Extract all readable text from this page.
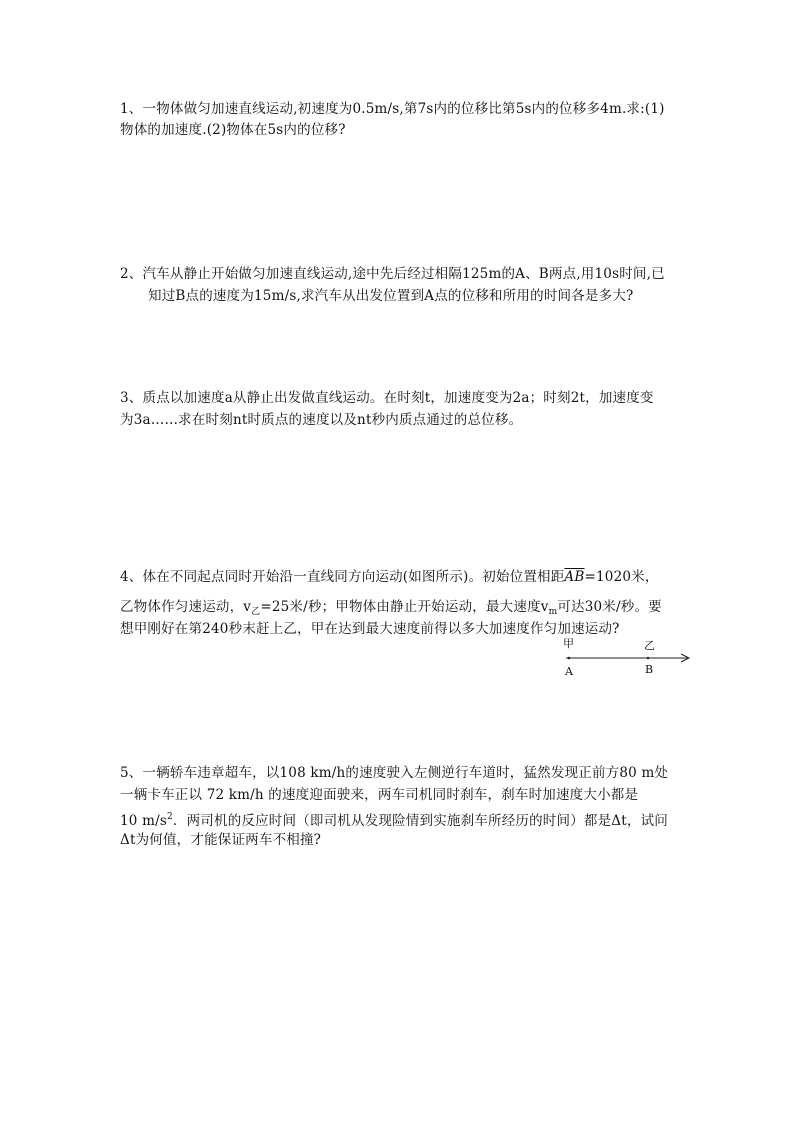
1、一物体做匀加速直线运动,初速度为0.5m/s,第7s内的位移比第5s内的位移多4m.求:(1)
物体的加速度.(2)物体在5s内的位移?
2、汽车从静止开始做匀加速直线运动,途中先后经过相隔125m的A、B两点,用10s时间,已
知过B点的速度为15m/s,求汽车从出发位置到A点的位移和所用的时间各是多大?
3、质点以加速度a从静止出发做直线运动。在时刻t，加速度变为2a；时刻2t，加速度变
为3a……求在时刻nt时质点的速度以及nt秒内质点通过的总位移。
4、体在不同起点同时开始沿一直线同方向运动(如图所示)。初始位置相距$\overline{AB}=1020$米，
乙物体作匀速运动，$v_乙=25$米/秒；甲物体由静止开始运动，最大速度$v_m$可达30米/秒。要
想甲刚好在第240秒末赶上乙，甲在达到最大速度前得以多大加速度作匀加速运动?
甲	乙
A	B
5、一辆轿车违章超车，以108 km/h的速度驶入左侧逆行车道时，猛然发现正前方80 m处
一辆卡车正以 72 km/h 的速度迎面驶来，两车司机同时刹车，刹车时加速度大小都是
10 $m/s^2$．两司机的反应时间（即司机从发现险情到实施刹车所经历的时间）都是Δt，试问
Δt为何值，才能保证两车不相撞?
